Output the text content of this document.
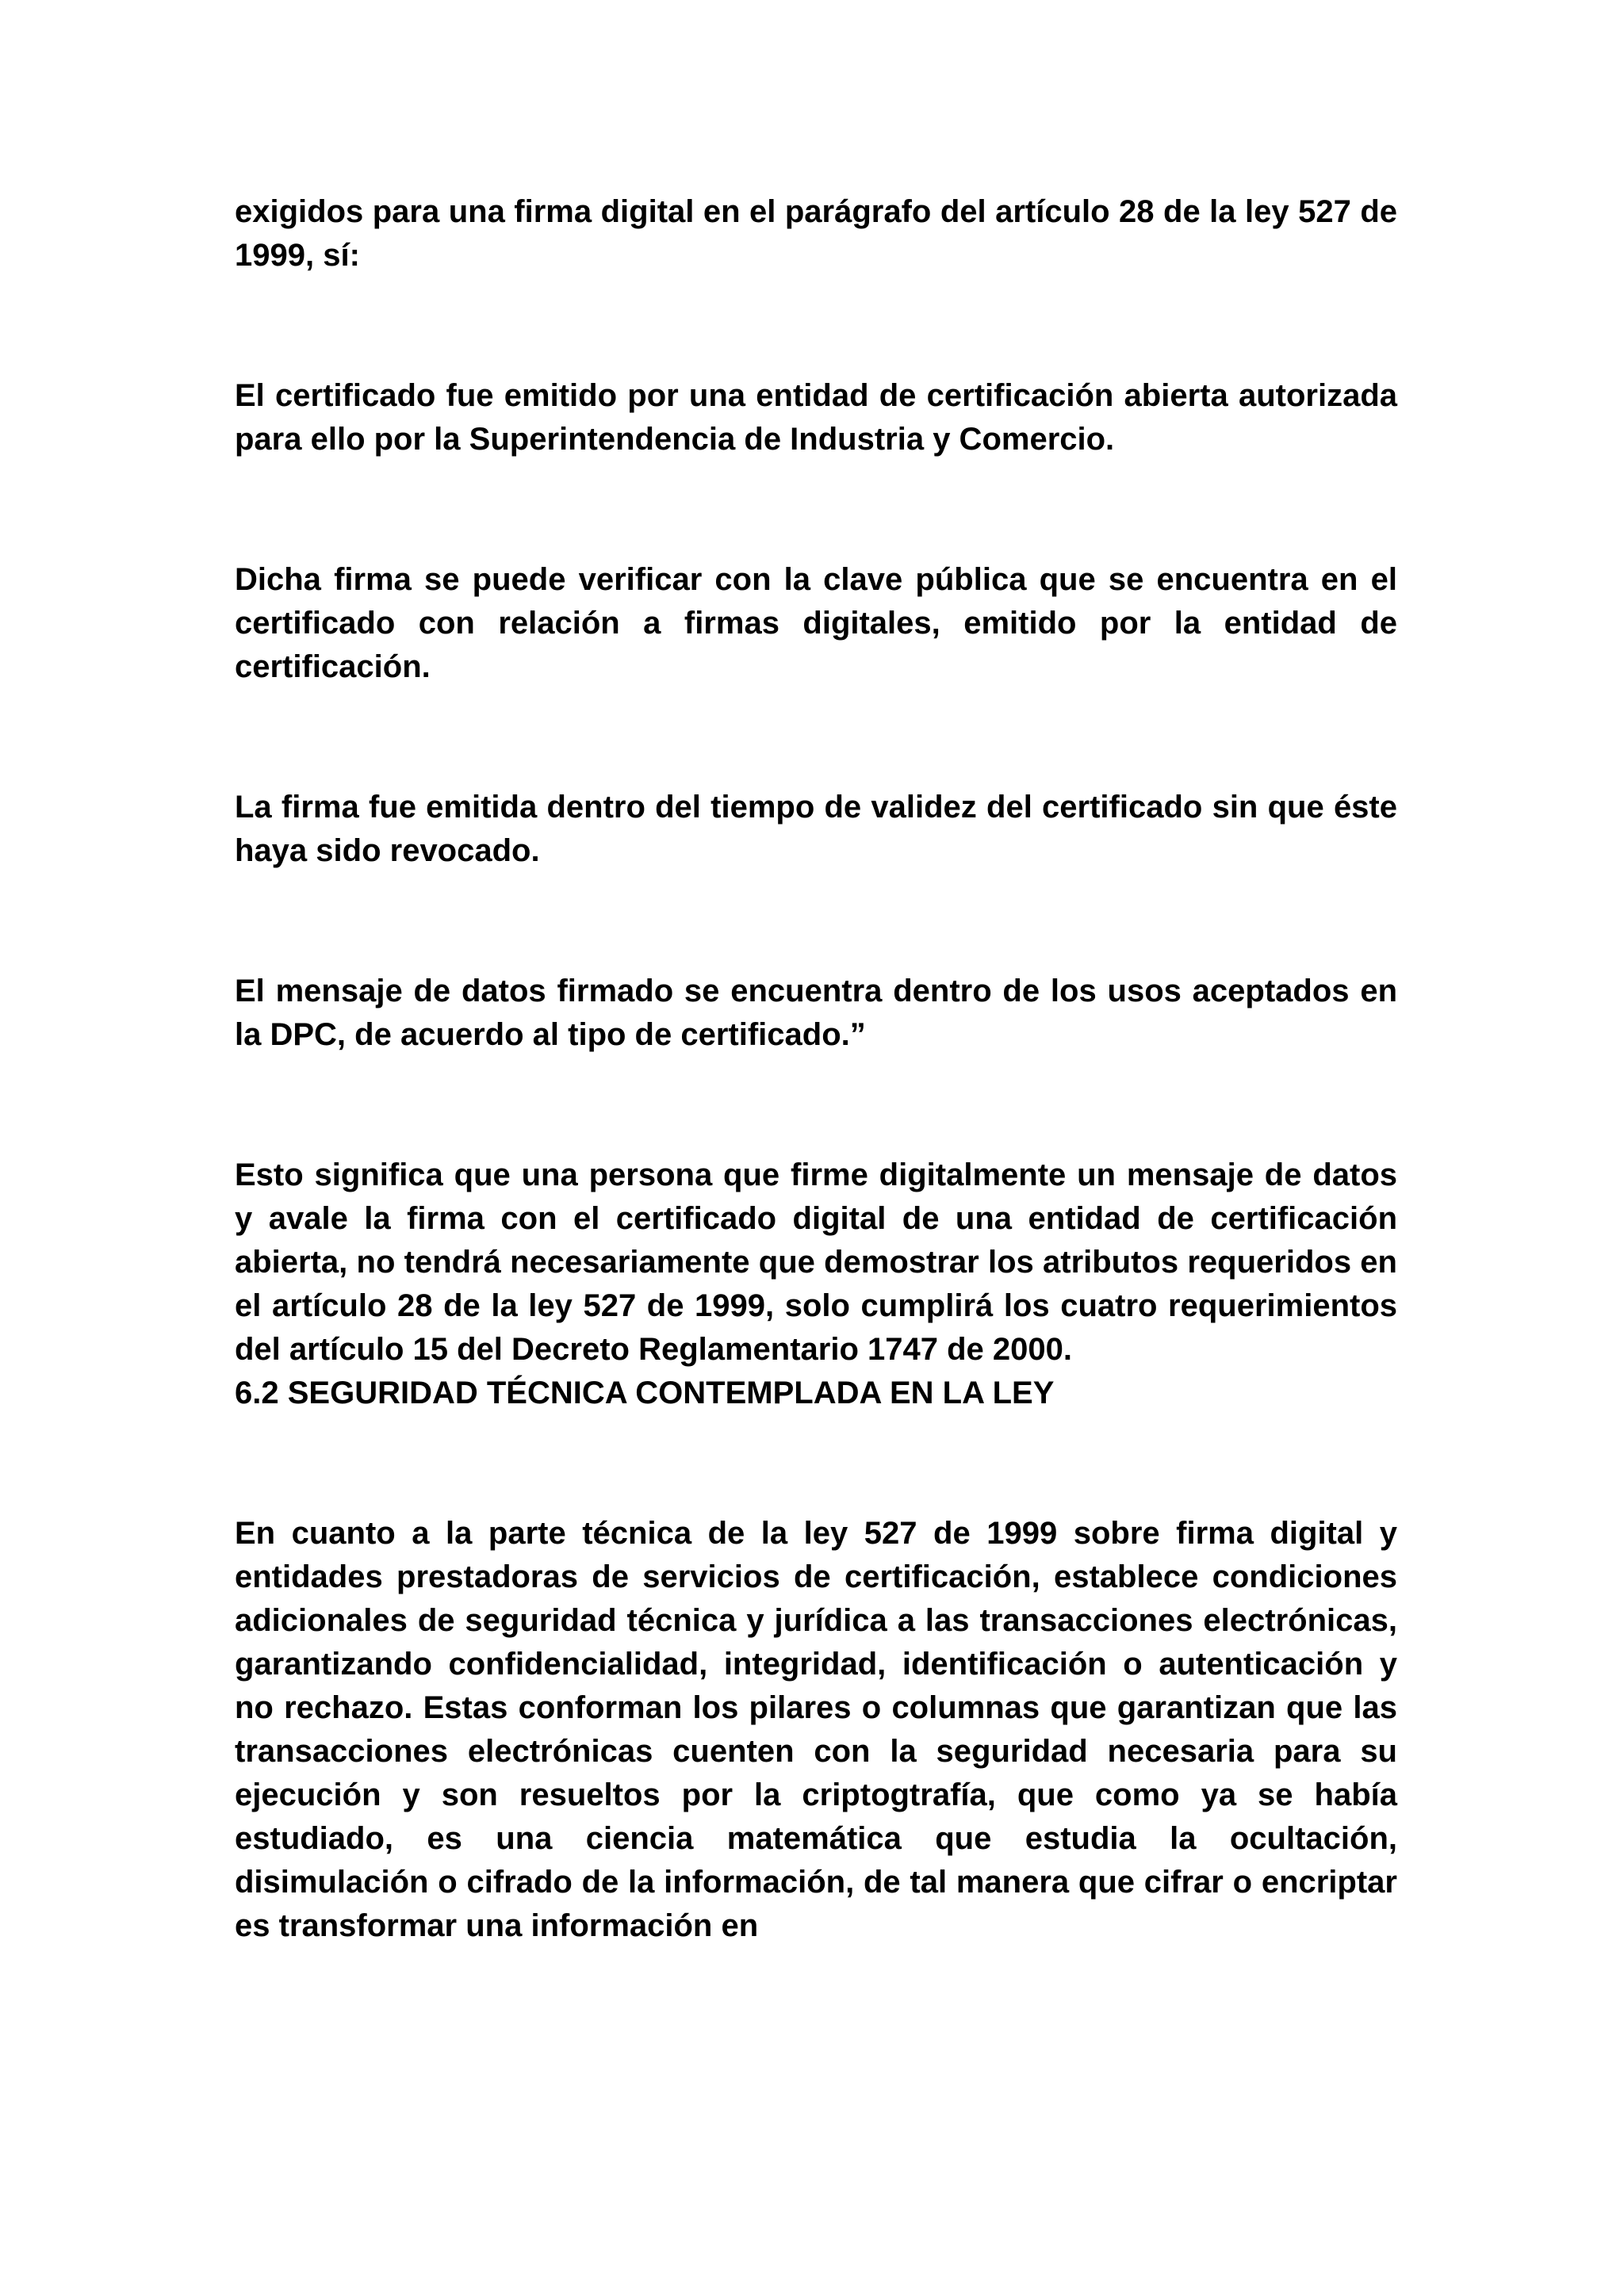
exigidos para una firma digital en el parágrafo del artículo 28 de la ley 527 de 1999, sí:

El certificado fue emitido por una entidad de certificación abierta autorizada para ello por la Superintendencia de Industria y Comercio.

Dicha firma se puede verificar con la clave pública que se encuentra en el certificado con relación a firmas digitales, emitido por la entidad de certificación.

La firma fue emitida dentro del tiempo de validez del certificado sin que éste haya sido revocado.

El mensaje de datos firmado se encuentra dentro de los usos aceptados en la DPC, de acuerdo al tipo de certificado.”

Esto significa que una persona que firme digitalmente un mensaje de datos y avale la firma con el certificado digital de una entidad de certificación abierta, no tendrá necesariamente que demostrar los atributos requeridos en el artículo 28 de la ley 527 de 1999, solo cumplirá los cuatro requerimientos del artículo 15 del Decreto Reglamentario 1747 de 2000.

6.2 SEGURIDAD TÉCNICA CONTEMPLADA EN LA LEY

En cuanto a la parte técnica de la ley 527 de 1999 sobre firma digital y entidades prestadoras de servicios de certificación, establece condiciones adicionales de seguridad técnica y jurídica a las transacciones electrónicas, garantizando confidencialidad, integridad, identificación o autenticación y no rechazo. Estas conforman los pilares o columnas que garantizan que las transacciones electrónicas cuenten con la seguridad necesaria para su ejecución y son resueltos por la criptogtrafía, que como ya se había estudiado, es una ciencia matemática que estudia la ocultación, disimulación o cifrado de la información, de tal manera que cifrar o encriptar es transformar una información en
